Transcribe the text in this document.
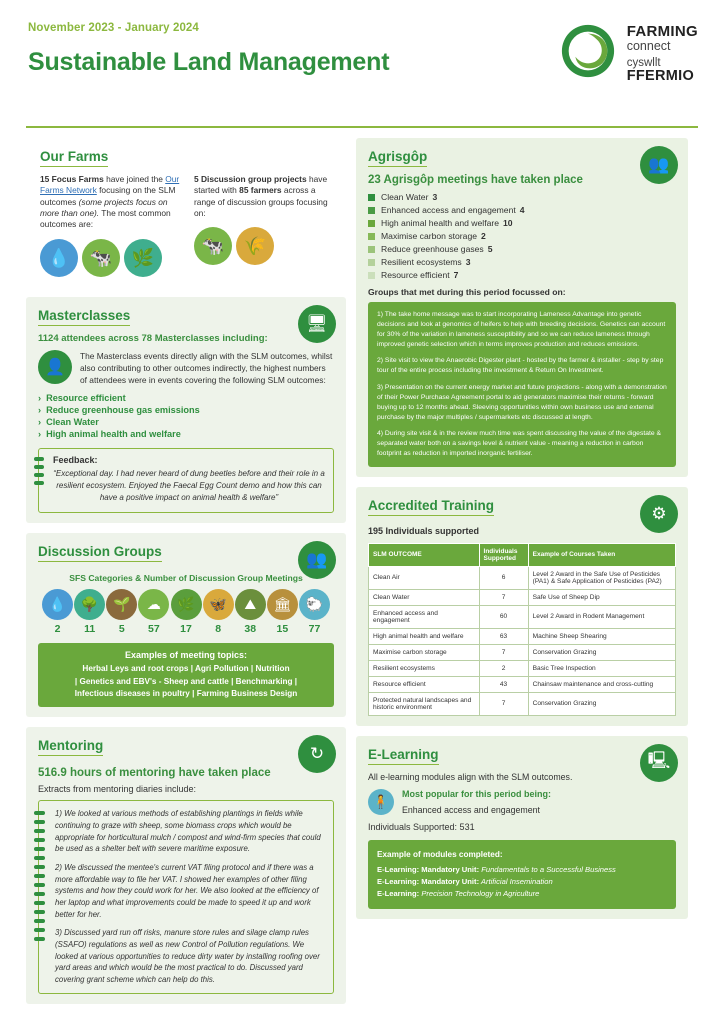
November 2023 - January 2024
Sustainable Land Management
FARMING
connect
cyswllt
FFERMIO
Our Farms
15 Focus Farms have joined the Our Farms Network focusing on the SLM outcomes (some projects focus on more than one). The most common outcomes are:
💧	🐄	🌿
5 Discussion group projects have started with 85 farmers across a range of discussion groups focusing on:
🐄	🌾
🖥
Masterclasses
1124 attendees across 78 Masterclasses including:
👤
The Masterclass events directly align with the SLM outcomes, whilst also contributing to other outcomes indirectly, the highest numbers of attendees were in events covering the following SLM outcomes:
› Resource efficient
› Reduce greenhouse gas emissions
› Clean Water
› High animal health and welfare
Feedback:
“Exceptional day. I had never heard of dung beetles before and their role in a resilient ecosystem. Enjoyed the Faecal Egg Count demo and how this can have a positive impact on animal health & welfare”
👥
Discussion Groups
SFS Categories & Number of Discussion Group Meetings
💧	🌳	🌱	☁	🌿	🦋	⛰	🏛	🐑
2	11	5	57	17	8	38	15	77
Examples of meeting topics:
Herbal Leys and root crops | Agri Pollution | Nutrition
| Genetics and EBV's - Sheep and cattle | Benchmarking |
Infectious diseases in poultry | Farming Business Design
↻
Mentoring
516.9 hours of mentoring have taken place
Extracts from mentoring diaries include:

1) We looked at various methods of establishing plantings in fields while continuing to graze with sheep, some biomass crops which would be appropriate for horticultural mulch / compost and wind-firm species that could be used as a shelter belt with severe maritime exposure.

2) We discussed the mentee's current VAT filing protocol and if there was a more affordable way to file her VAT. I showed her examples of other filing systems and how they could work for her. We also looked at the efficiency of her laptop and what improvements could be made to speed it up and work better for her.

3) Discussed yard run off risks, manure store rules and silage clamp rules (SSAFO) regulations as well as new Control of Pollution regulations. We looked at various opportunities to reduce dirty water by installing roofing over yard areas and which would be the most practical to do. Discussed yard covering grant scheme which can help do this.

👥
Agrisgôp
23 Agrisgôp meetings have taken place
Clean Water 3
Enhanced access and engagement 4
High animal health and welfare 10
Maximise carbon storage 2
Reduce greenhouse gases 5
Resilient ecosystems 3
Resource efficient 7
Groups that met during this period focussed on:

1) The take home message was to start incorporating Lameness Advantage into genetic decisions and look at genomics of heifers to help with breeding decisions. Genetics can account for 30% of the variation in lameness susceptibility and so we can reduce lameness through improved genetic selection which in terms improves production and reduces emissions.

2) Site visit to view the Anaerobic Digester plant - hosted by the farmer & installer - step by step tour of the entire process including the investment & Return On Investment.

3) Presentation on the current energy market and future projections - along with a demonstration of their Power Purchase Agreement portal to aid generators maximise their returns - forward buying up to 12 months ahead. Sleeving opportunities within own business use and external purchase by the major multiples / supermarkets etc discussed at length.

4) During site visit & in the review much time was spent discussing the value of the digestate & separated water both on a savings level & nutrient value - meaning a reduction in carbon footprint as reduction in imported inorganic fertiliser.

⚙
Accredited Training
195 Individuals supported
SLM OUTCOME	Individuals Supported	Example of Courses Taken
Clean Air	6	Level 2 Award in the Safe Use of Pesticides (PA1) & Safe Application of Pesticides (PA2)
Clean Water	7	Safe Use of Sheep Dip
Enhanced access and engagement	60	Level 2 Award in Rodent Management
High animal health and welfare	63	Machine Sheep Shearing
Maximise carbon storage	7	Conservation Grazing
Resilient ecosystems	2	Basic Tree Inspection
Resource efficient	43	Chainsaw maintenance and cross-cutting
Protected natural landscapes and historic environment	7	Conservation Grazing
🖳
E-Learning
All e-learning modules align with the SLM outcomes.
🧍	Most popular for this period being:
Enhanced access and engagement
Individuals Supported: 531
Example of modules completed:
E-Learning: Mandatory Unit: Fundamentals to a Successful Business
E-Learning: Mandatory Unit: Artificial Insemination
E-Learning: Precision Technology in Agriculture
